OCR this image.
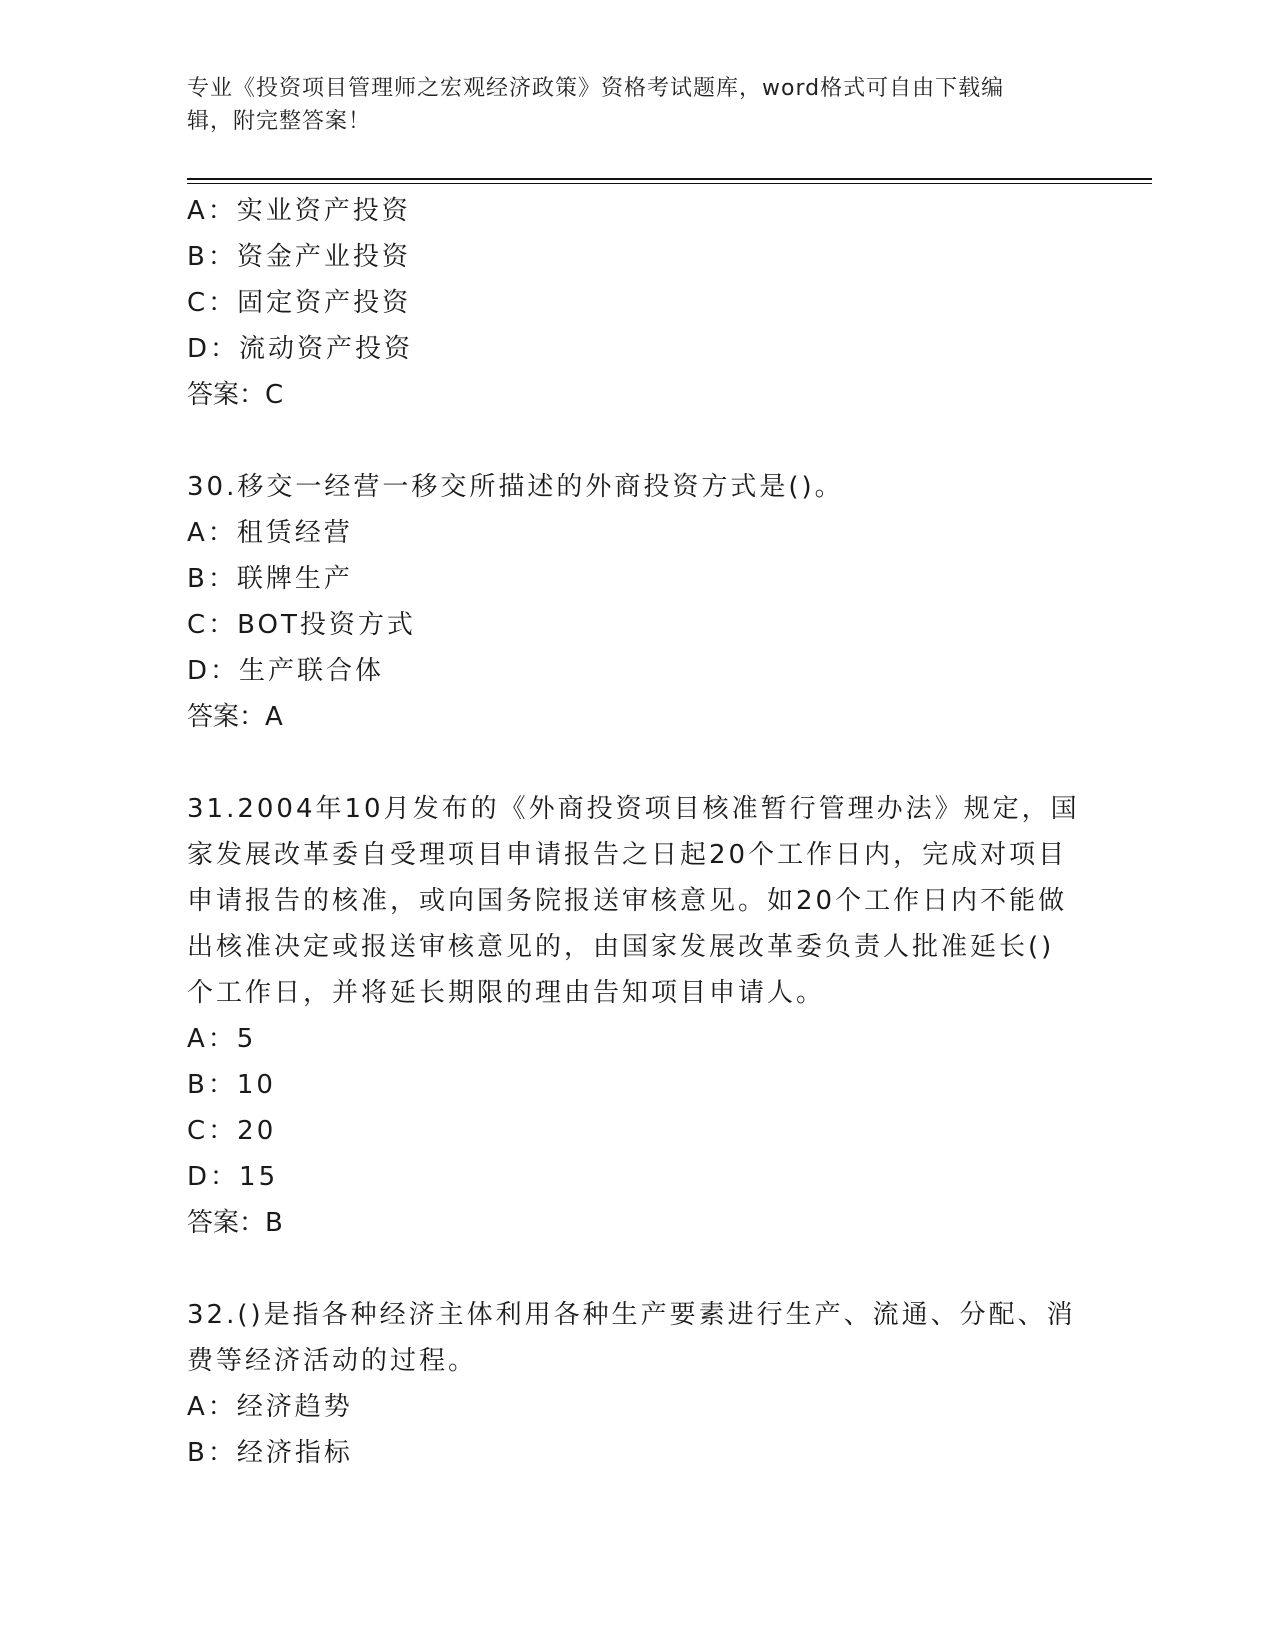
专业《投资项目管理师之宏观经济政策》资格考试题库，word格式可自由下载编
辑，附完整答案！
A：实业资产投资
B：资金产业投资
C：固定资产投资
D：流动资产投资
答案：C
30.移交一经营一移交所描述的外商投资方式是()。
A：租赁经营
B：联牌生产
C：BOT投资方式
D：生产联合体
答案：A
31.2004年10月发布的《外商投资项目核准暂行管理办法》规定，国
家发展改革委自受理项目申请报告之日起20个工作日内，完成对项目
申请报告的核准，或向国务院报送审核意见。如20个工作日内不能做
出核准决定或报送审核意见的，由国家发展改革委负责人批准延长()
个工作日，并将延长期限的理由告知项目申请人。
A：5
B：10
C：20
D：15
答案：B
32.()是指各种经济主体利用各种生产要素进行生产、流通、分配、消
费等经济活动的过程。
A：经济趋势
B：经济指标
